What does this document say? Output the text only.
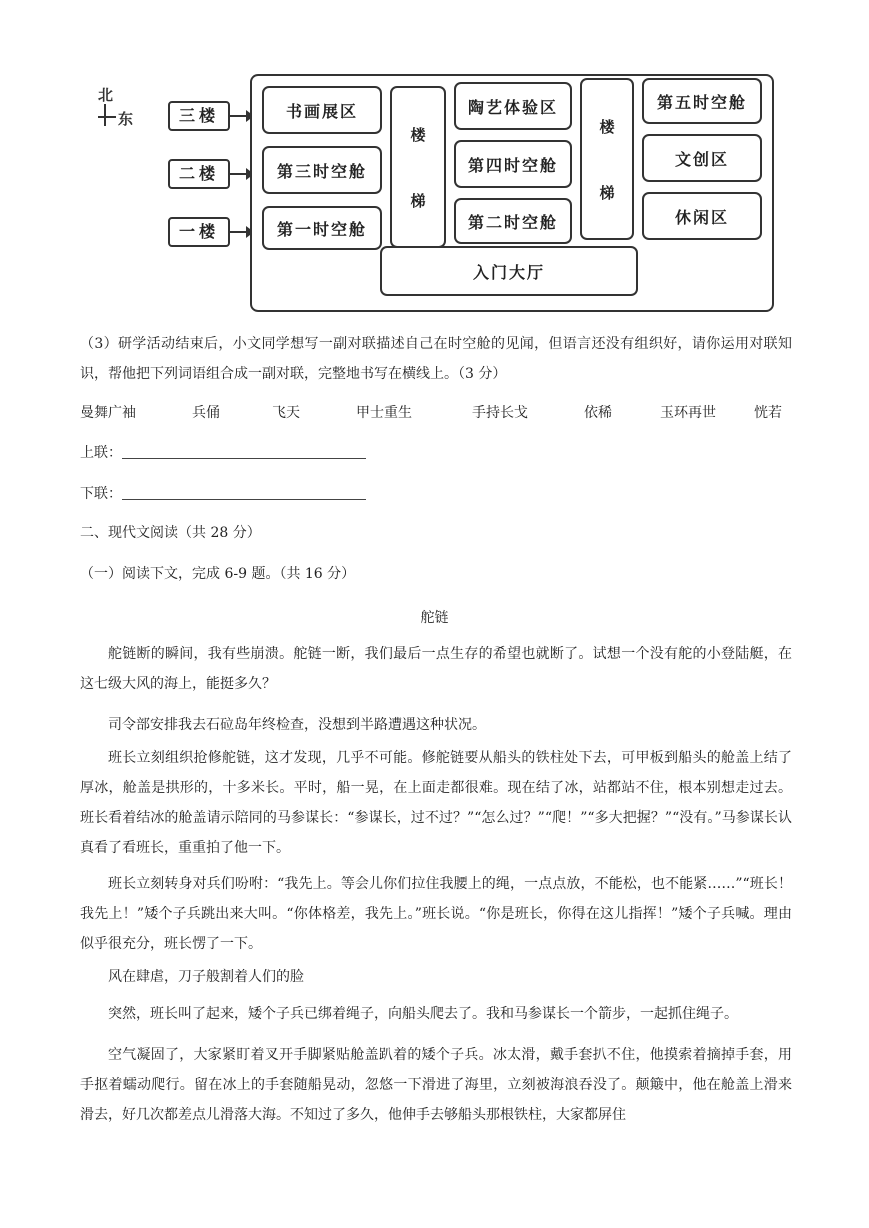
北
东	三楼
二楼
一楼
书画展区
第三时空舱
第一时空舱
楼
梯
陶艺体验区
第四时空舱
第二时空舱
楼
梯
第五时空舱
文创区
休闲区
入门大厅
（3）研学活动结束后，小文同学想写一副对联描述自己在时空舱的见闻，但语言还没有组织好，请你运用对联知识，帮他把下列词语组合成一副对联，完整地书写在横线上。（3 分）
曼舞广袖	兵俑	飞天	甲士重生	手持长戈	依稀	玉环再世	恍若
上联：
下联：
二、现代文阅读（共 28 分）
（一）阅读下文，完成 6-9 题。（共 16 分）
舵链
舵链断的瞬间，我有些崩溃。舵链一断，我们最后一点生存的希望也就断了。试想一个没有舵的小登陆艇，在这七级大风的海上，能挺多久？
司令部安排我去石砬岛年终检查，没想到半路遭遇这种状况。
班长立刻组织抢修舵链，这才发现，几乎不可能。修舵链要从船头的铁柱处下去，可甲板到船头的舱盖上结了厚冰，舱盖是拱形的，十多米长。平时，船一晃，在上面走都很难。现在结了冰，站都站不住，根本别想走过去。班长看着结冰的舱盖请示陪同的马参谋长：“参谋长，过不过？”“怎么过？”“爬！”“多大把握？”“没有。”马参谋长认真看了看班长，重重拍了他一下。
班长立刻转身对兵们吩咐：“我先上。等会儿你们拉住我腰上的绳，一点点放，不能松，也不能紧……”“班长！我先上！”矮个子兵跳出来大叫。“你体格差，我先上。”班长说。“你是班长，你得在这儿指挥！”矮个子兵喊。理由似乎很充分，班长愣了一下。
风在肆虐，刀子般割着人们的脸
突然，班长叫了起来，矮个子兵已绑着绳子，向船头爬去了。我和马参谋长一个箭步，一起抓住绳子。
空气凝固了，大家紧盯着叉开手脚紧贴舱盖趴着的矮个子兵。冰太滑，戴手套扒不住，他摸索着摘掉手套，用手抠着蠕动爬行。留在冰上的手套随船晃动，忽悠一下滑进了海里，立刻被海浪吞没了。颠簸中，他在舱盖上滑来滑去，好几次都差点儿滑落大海。不知过了多久，他伸手去够船头那根铁柱，大家都屏住
